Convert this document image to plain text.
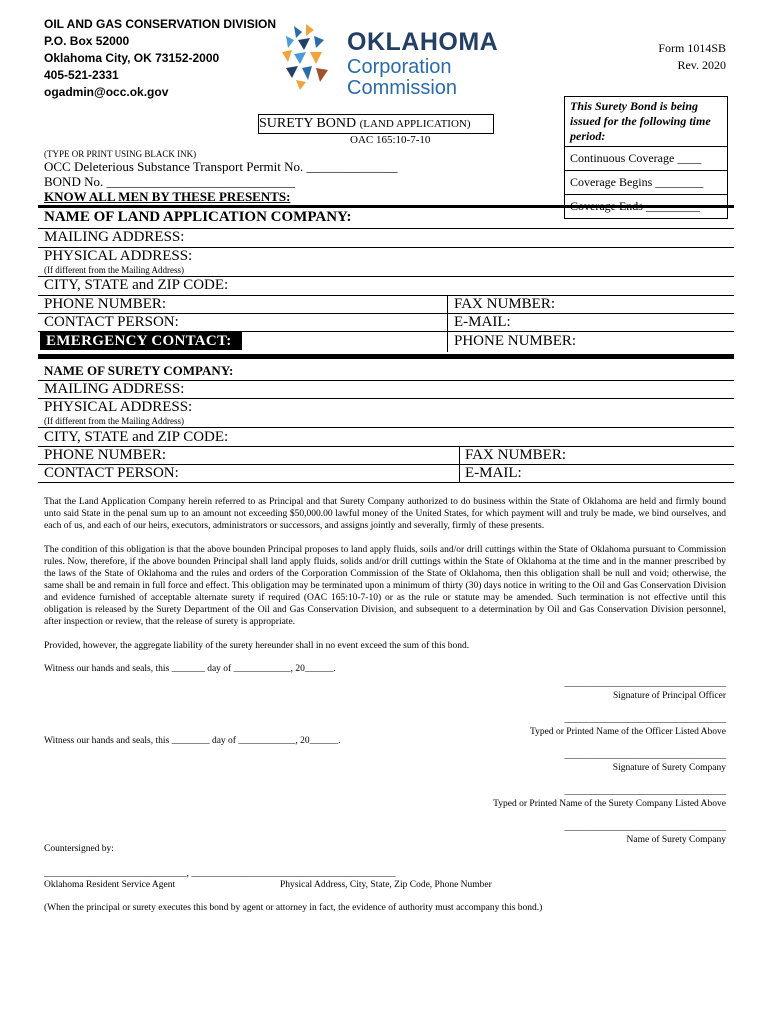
OIL AND GAS CONSERVATION DIVISION
P.O. Box 52000
Oklahoma City, OK 73152-2000
405-521-2331
ogadmin@occ.ok.gov
OKLAHOMA
Corporation
Commission
Form 1014SB
Rev. 2020
This Surety Bond is being issued for the following time period:
Continuous Coverage ____
Coverage Begins ________
SURETY BOND (LAND APPLICATION)
OAC 165:10-7-10
(TYPE OR PRINT USING BLACK INK)
OCC Deleterious Substance Transport Permit No. ______________
BOND No. _____________________________
KNOW ALL MEN BY THESE PRESENTS:
NAME OF LAND APPLICATION COMPANY:
MAILING ADDRESS:
PHYSICAL ADDRESS:
(If different from the Mailing Address)
CITY, STATE and ZIP CODE:
PHONE NUMBER:
CONTACT PERSON:
EMERGENCY CONTACT:
FAX NUMBER:
E-MAIL:
PHONE NUMBER:
NAME OF SURETY COMPANY:
MAILING ADDRESS:
PHYSICAL ADDRESS:
(If different from the Mailing Address)
CITY, STATE and ZIP CODE:
PHONE NUMBER:
CONTACT PERSON:
FAX NUMBER:
E-MAIL:
That the Land Application Company herein referred to as Principal and that Surety Company authorized to do business within the State of Oklahoma are held and firmly bound unto said State in the penal sum up to an amount not exceeding $50,000.00 lawful money of the United States, for which payment will and truly be made, we bind ourselves, and each of us, and each of our heirs, executors, administrators or successors, and assigns jointly and severally, firmly of these presents.
The condition of this obligation is that the above bounden Principal proposes to land apply fluids, soils and/or drill cuttings within the State of Oklahoma pursuant to Commission rules. Now, therefore, if the above bounden Principal shall land apply fluids, solids and/or drill cuttings within the State of Oklahoma at the time and in the manner prescribed by the laws of the State of Oklahoma and the rules and orders of the Corporation Commission of the State of Oklahoma, then this obligation shall be null and void; otherwise, the same shall be and remain in full force and effect. This obligation may be terminated upon a minimum of thirty (30) days notice in writing to the Oil and Gas Conservation Division and evidence furnished of acceptable alternate surety if required (OAC 165:10-7-10) or as the rule or statute may be amended. Such termination is not effective until this obligation is released by the Surety Department of the Oil and Gas Conservation Division, and subsequent to a determination by Oil and Gas Conservation Division personnel, after inspection or review, that the release of surety is appropriate.
Provided, however, the aggregate liability of the surety hereunder shall in no event exceed the sum of this bond.
Witness our hands and seals, this _______ day of ____________, 20______.
__________________________________
Signature of Principal Officer
__________________________________
Typed or Printed Name of the Officer Listed Above
Witness our hands and seals, this ________ day of ____________, 20______.
__________________________________
Signature of Surety Company
__________________________________
Typed or Printed Name of the Surety Company Listed Above
__________________________________
Name of Surety Company
Countersigned by:
______________________________, ___________________________________________
Oklahoma Resident Service Agent	Physical Address, City, State, Zip Code, Phone Number
(When the principal or surety executes this bond by agent or attorney in fact, the evidence of authority must accompany this bond.)
